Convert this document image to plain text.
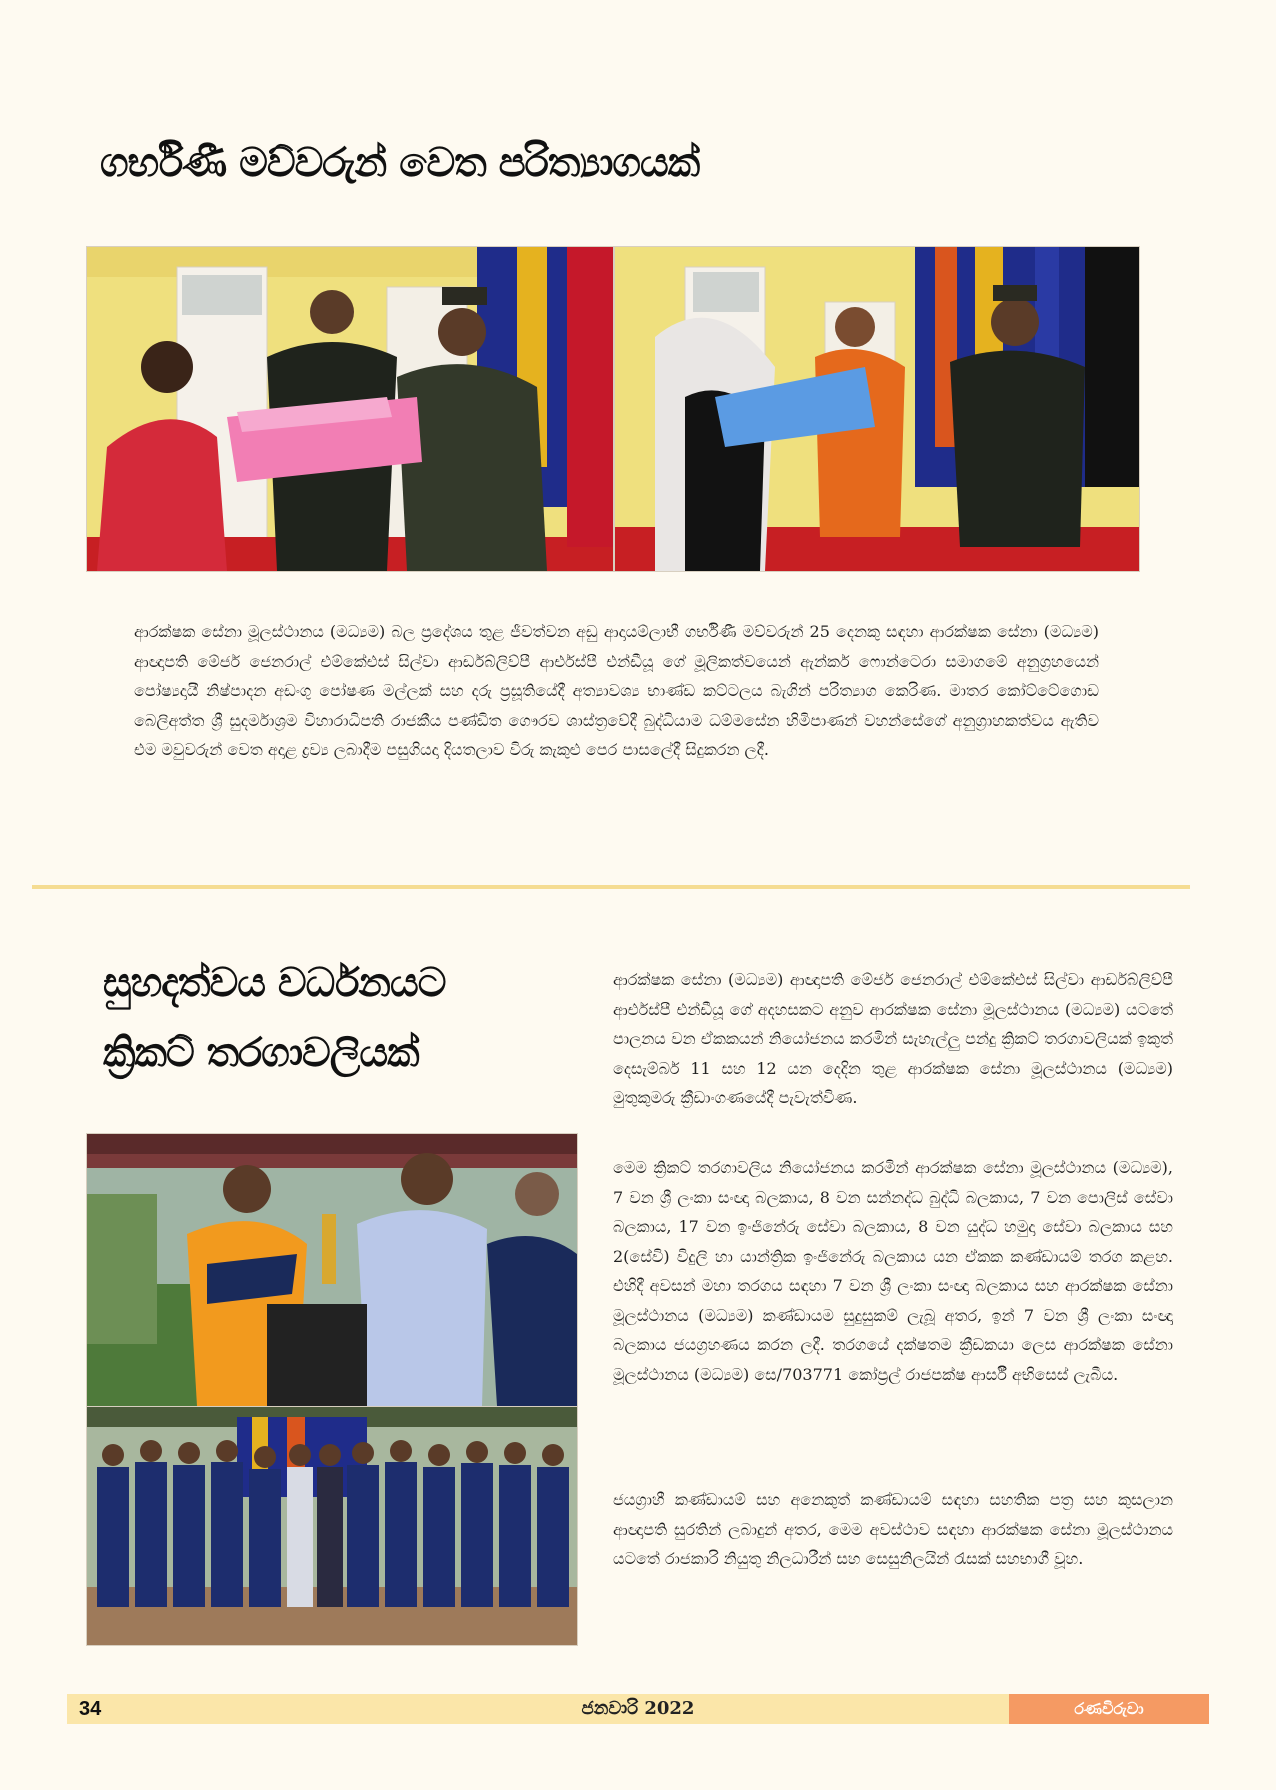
ගර්භිණී මව්වරුන් වෙත පරිත්‍යාගයක්

ආරක්ෂක සේනා මූලස්ථානය (මධ්‍යම) බල ප්‍රදේශය තුළ ජීවත්වන අඩු ආදායම්ලාභී ගර්භිණී මව්වරුන් 25 දෙනකු සඳහා ආරක්ෂක සේනා (මධ්‍යම) ආඥාපති මේජර් ජෙනරාල් එම්කේඑස් සිල්වා ආර්ඩබ්ලිව්පී ආර්එස්පී එන්ඩීයූ ගේ මූලිකත්වයෙන් ඇන්කර් ෆොන්ටෙරා සමාගමේ අනුග්‍රහයෙන් පෝෂ්‍යදායී නිෂ්පාදන අඩංගු පෝෂණ මල්ලක් සහ දරු ප්‍රසූතියේදී අත්‍යාවශ්‍ය භාණ්ඩ කට්ටලය බැගින් පරිත්‍යාග කෙරිණ. මාතර කෝට්ටේගොඩ බෙලිඅත්ත ශ්‍රී සුදර්මාශ්‍රම විහාරාධිපති රාජකීය පණ්ඩිත ගෞරව ශාස්ත්‍රවේදී බුද්ධියාම ධම්මසේන හිමිපාණන් වහන්සේගේ අනුග්‍රාහකත්වය ඇතිව එම මවුවරුන් වෙත අදාළ ද්‍රව්‍ය ලබාදීම පසුගියදා දියතලාව විරු කැකුළු පෙර පාසලේදී සිදුකරන ලදී.

සුහදත්වය වර්ධනයට
ක්‍රිකට් තරගාවලියක්

ආරක්ෂක සේනා (මධ්‍යම) ආඥාපති මේජර් ජෙනරාල් එම්කේඑස් සිල්වා ආර්ඩබ්ලිව්පී ආර්එස්පී එන්ඩීයූ ගේ අදහසකට අනුව ආරක්ෂක සේනා මූලස්ථානය (මධ්‍යම) යටතේ පාලනය වන ඒකකයන් නියෝජනය කරමින් සැහැල්ලු පන්දු ක්‍රිකට් තරගාවලියක් ඉකුත් දෙසැම්බර් 11 සහ 12 යන දෙදින තුළ ආරක්ෂක සේනා මූලස්ථානය (මධ්‍යම) මුතුකුමරු ක්‍රීඩාංගණයේදී පැවැත්විණ.

මෙම ක්‍රිකට් තරගාවලිය නියෝජනය කරමින් ආරක්ෂක සේනා මූලස්ථානය (මධ්‍යම), 7 වන ශ්‍රී ලංකා සංඥා බලකාය, 8 වන සන්නද්ධ බුද්ධි බලකාය, 7 වන පොලිස් සේවා බලකාය, 17 වන ඉංජිනේරු සේවා බලකාය, 8 වන යුද්ධ හමුදා සේවා බලකාය සහ 2(සේවි) විදුලි හා යාන්ත්‍රික ඉංජිනේරු බලකාය යන ඒකක කණ්ඩායම් තරග කළහ. එහිදී අවසන් මහා තරගය සඳහා 7 වන ශ්‍රී ලංකා සංඥා බලකාය සහ ආරක්ෂක සේනා මූලස්ථානය (මධ්‍යම) කණ්ඩායම සුදුසුකම් ලැබූ අතර, ඉන් 7 වන ශ්‍රී ලංකා සංඥා බලකාය ජයග්‍රහණය කරන ලදී. තරගයේ දක්ෂතම ක්‍රීඩකයා ලෙස ආරක්ෂක සේනා මූලස්ථානය (මධ්‍යම) සෙ/703771 කෝප්‍රල් රාජපක්ෂ ආර්සී අභිසෙස් ලැබීය.

ජයග්‍රාහී කණ්ඩායම් සහ අනෙකුත් කණ්ඩායම් සඳහා සහතික පත්‍ර සහ කුසලාන ආඥාපති සුරතින් ලබාදුන් අතර, මෙම අවස්ථාව සඳහා ආරක්ෂක සේනා මූලස්ථානය යටතේ රාජකාරි නියුතු නිලධාරීන් සහ සෙසුනිලයින් රැසක් සහභාගී වූහ.

34	ජනවාරි 2022	රණවිරුවා
